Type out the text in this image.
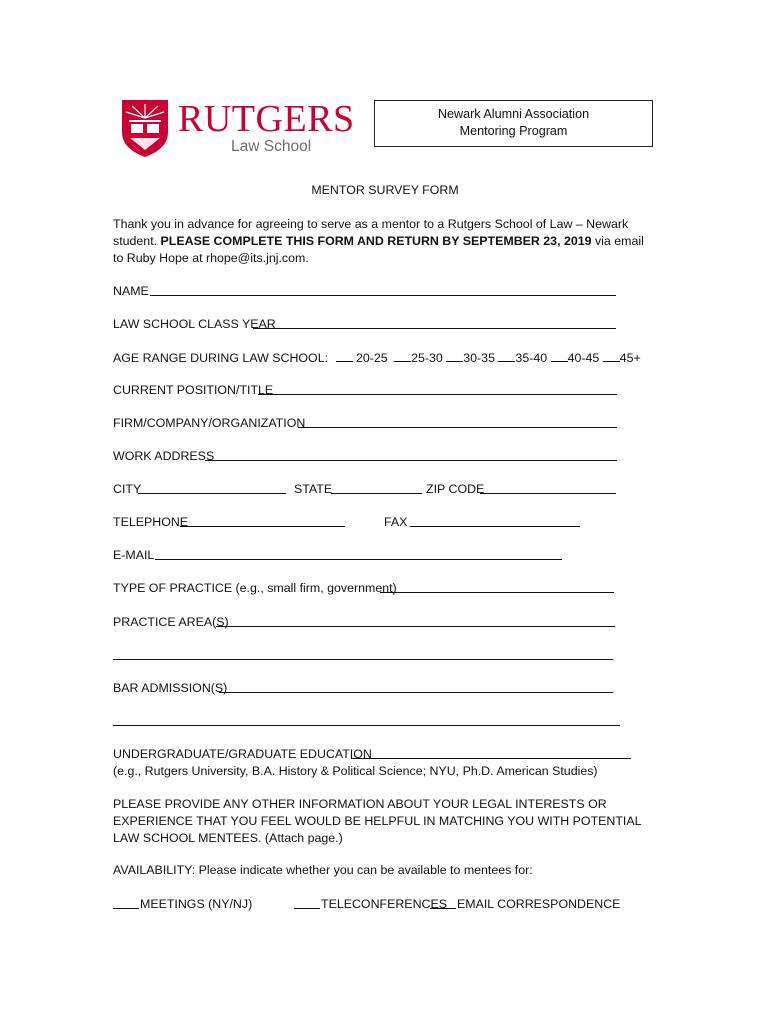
RUTGERS
Law School
Newark Alumni Association
Mentoring Program
MENTOR SURVEY FORM
Thank you in advance for agreeing to serve as a mentor to a Rutgers School of Law – Newark student. PLEASE COMPLETE THIS FORM AND RETURN BY SEPTEMBER 23, 2019 via email to Ruby Hope at rhope@its.jnj.com.
NAME
LAW SCHOOL CLASS YEAR
AGE RANGE DURING LAW SCHOOL: 20-25 25-30 30-35 35-40 40-45 45+
CURRENT POSITION/TITLE
FIRM/COMPANY/ORGANIZATION
WORK ADDRESS
CITY	STATE	ZIP CODE
TELEPHONE	FAX
E-MAIL
TYPE OF PRACTICE (e.g., small firm, government)
PRACTICE AREA(S)
BAR ADMISSION(S)
UNDERGRADUATE/GRADUATE EDUCATION
(e.g., Rutgers University, B.A. History & Political Science; NYU, Ph.D. American Studies)
PLEASE PROVIDE ANY OTHER INFORMATION ABOUT YOUR LEGAL INTERESTS OR EXPERIENCE THAT YOU FEEL WOULD BE HELPFUL IN MATCHING YOU WITH POTENTIAL LAW SCHOOL MENTEES. (Attach page.)
AVAILABILITY: Please indicate whether you can be available to mentees for:
MEETINGS (NY/NJ)	TELECONFERENCES EMAIL CORRESPONDENCE
